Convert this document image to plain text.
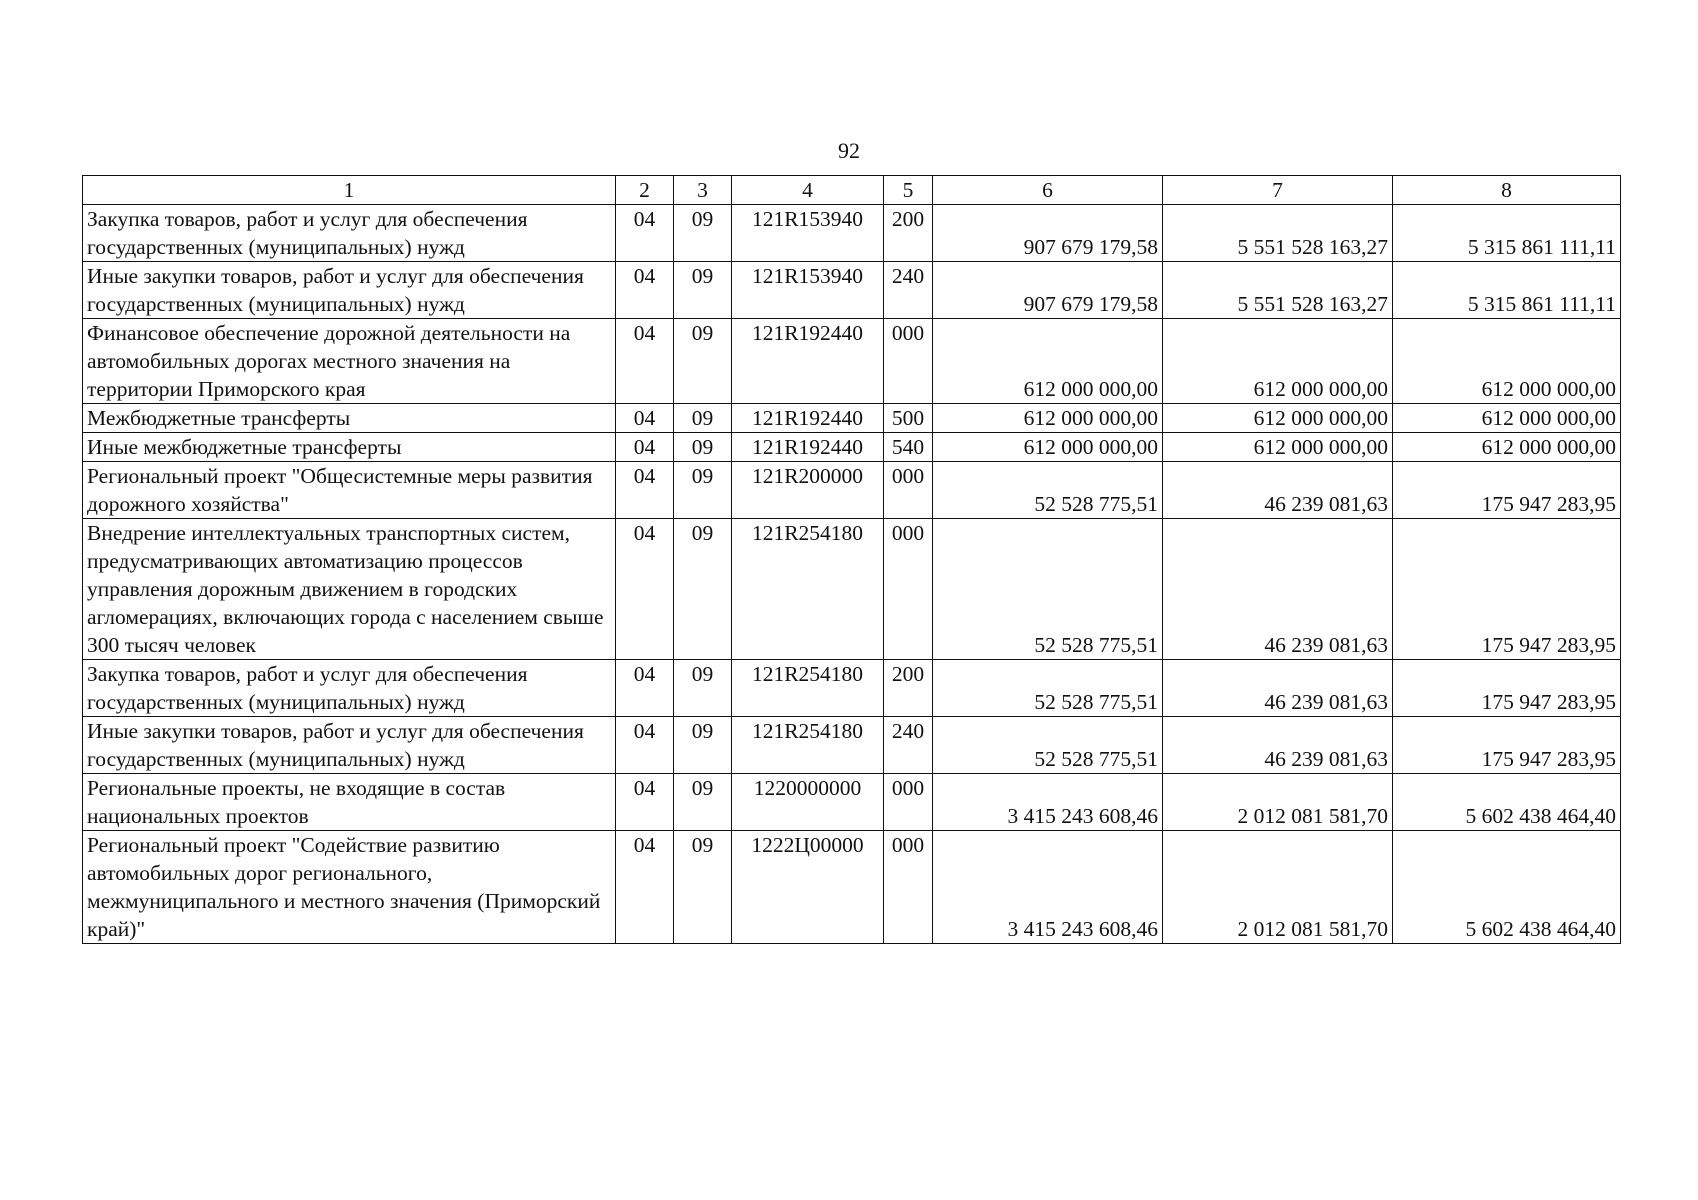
92
1	2	3	4	5	6	7	8
Закупка товаров, работ и услуг для обеспечения государственных (муниципальных) нужд	04	09	121R153940	200	907 679 179,58	5 551 528 163,27	5 315 861 111,11
Иные закупки товаров, работ и услуг для обеспечения государственных (муниципальных) нужд	04	09	121R153940	240	907 679 179,58	5 551 528 163,27	5 315 861 111,11
Финансовое обеспечение дорожной деятельности на автомобильных дорогах местного значения на территории Приморского края	04	09	121R192440	000	612 000 000,00	612 000 000,00	612 000 000,00
Межбюджетные трансферты	04	09	121R192440	500	612 000 000,00	612 000 000,00	612 000 000,00
Иные межбюджетные трансферты	04	09	121R192440	540	612 000 000,00	612 000 000,00	612 000 000,00
Региональный проект "Общесистемные меры развития дорожного хозяйства"	04	09	121R200000	000	52 528 775,51	46 239 081,63	175 947 283,95
Внедрение интеллектуальных транспортных систем, предусматривающих автоматизацию процессов управления дорожным движением в городских агломерациях, включающих города с населением свыше 300 тысяч человек	04	09	121R254180	000	52 528 775,51	46 239 081,63	175 947 283,95
Закупка товаров, работ и услуг для обеспечения государственных (муниципальных) нужд	04	09	121R254180	200	52 528 775,51	46 239 081,63	175 947 283,95
Иные закупки товаров, работ и услуг для обеспечения государственных (муниципальных) нужд	04	09	121R254180	240	52 528 775,51	46 239 081,63	175 947 283,95
Региональные проекты, не входящие в состав национальных проектов	04	09	1220000000	000	3 415 243 608,46	2 012 081 581,70	5 602 438 464,40
Региональный проект "Содействие развитию автомобильных дорог регионального, межмуниципального и местного значения (Приморский край)"	04	09	1222Ц00000	000	3 415 243 608,46	2 012 081 581,70	5 602 438 464,40
